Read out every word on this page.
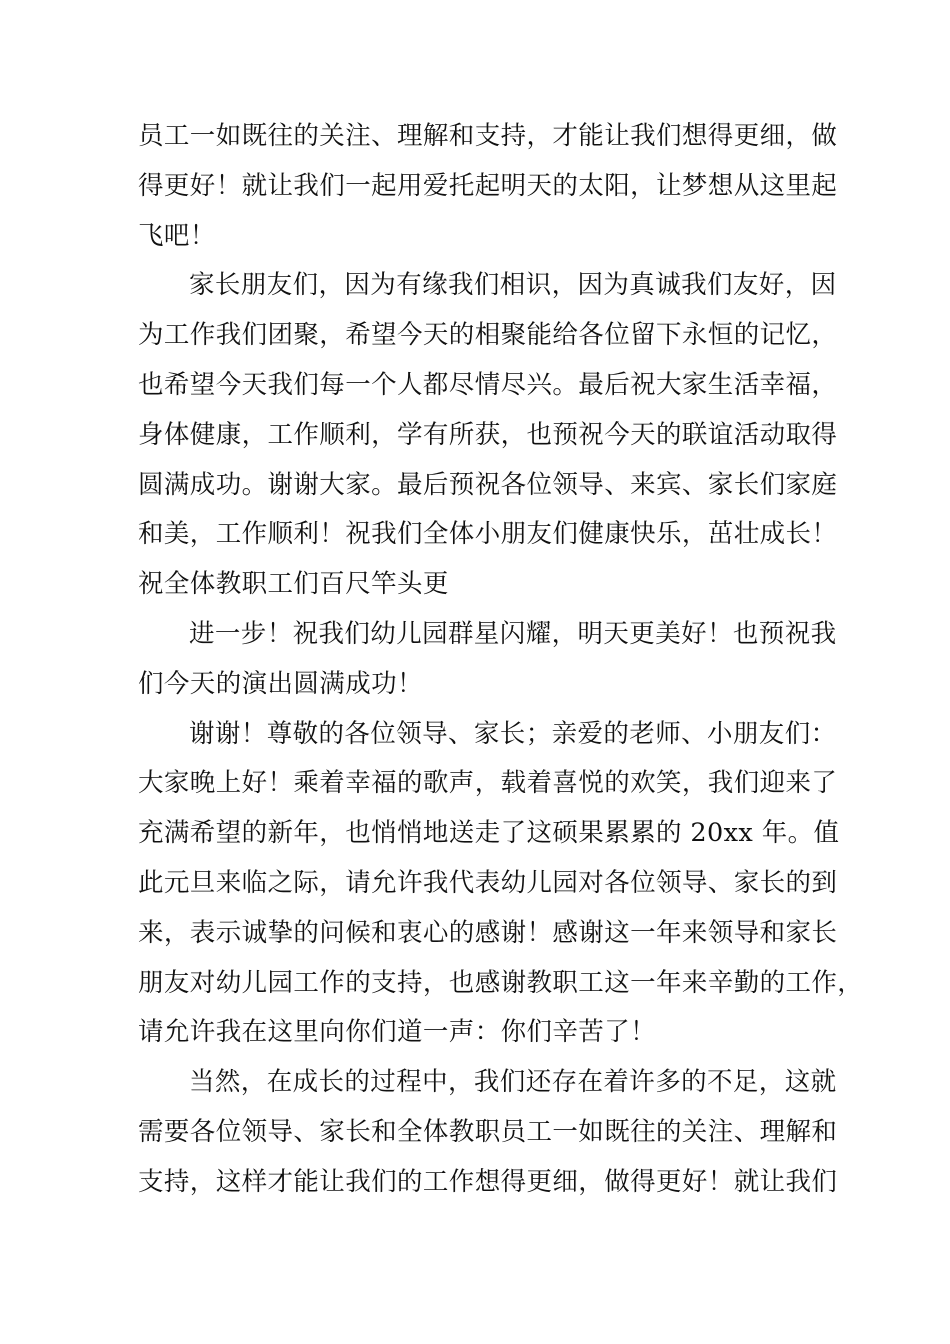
员工一如既往的关注、理解和支持，才能让我们想得更细，做
得更好！就让我们一起用爱托起明天的太阳，让梦想从这里起
飞吧！
家长朋友们，因为有缘我们相识，因为真诚我们友好，因
为工作我们团聚，希望今天的相聚能给各位留下永恒的记忆，
也希望今天我们每一个人都尽情尽兴。最后祝大家生活幸福，
身体健康，工作顺利，学有所获，也预祝今天的联谊活动取得
圆满成功。谢谢大家。最后预祝各位领导、来宾、家长们家庭
和美，工作顺利！祝我们全体小朋友们健康快乐，茁壮成长！
祝全体教职工们百尺竿头更
进一步！祝我们幼儿园群星闪耀，明天更美好！也预祝我
们今天的演出圆满成功！
谢谢！尊敬的各位领导、家长；亲爱的老师、小朋友们：
大家晚上好！乘着幸福的歌声，载着喜悦的欢笑，我们迎来了
充满希望的新年，也悄悄地送走了这硕果累累的 20xx 年。值
此元旦来临之际，请允许我代表幼儿园对各位领导、家长的到
来，表示诚挚的问候和衷心的感谢！感谢这一年来领导和家长
朋友对幼儿园工作的支持，也感谢教职工这一年来辛勤的工作，
请允许我在这里向你们道一声：你们辛苦了！
当然，在成长的过程中，我们还存在着许多的不足，这就
需要各位领导、家长和全体教职员工一如既往的关注、理解和
支持，这样才能让我们的工作想得更细，做得更好！就让我们
